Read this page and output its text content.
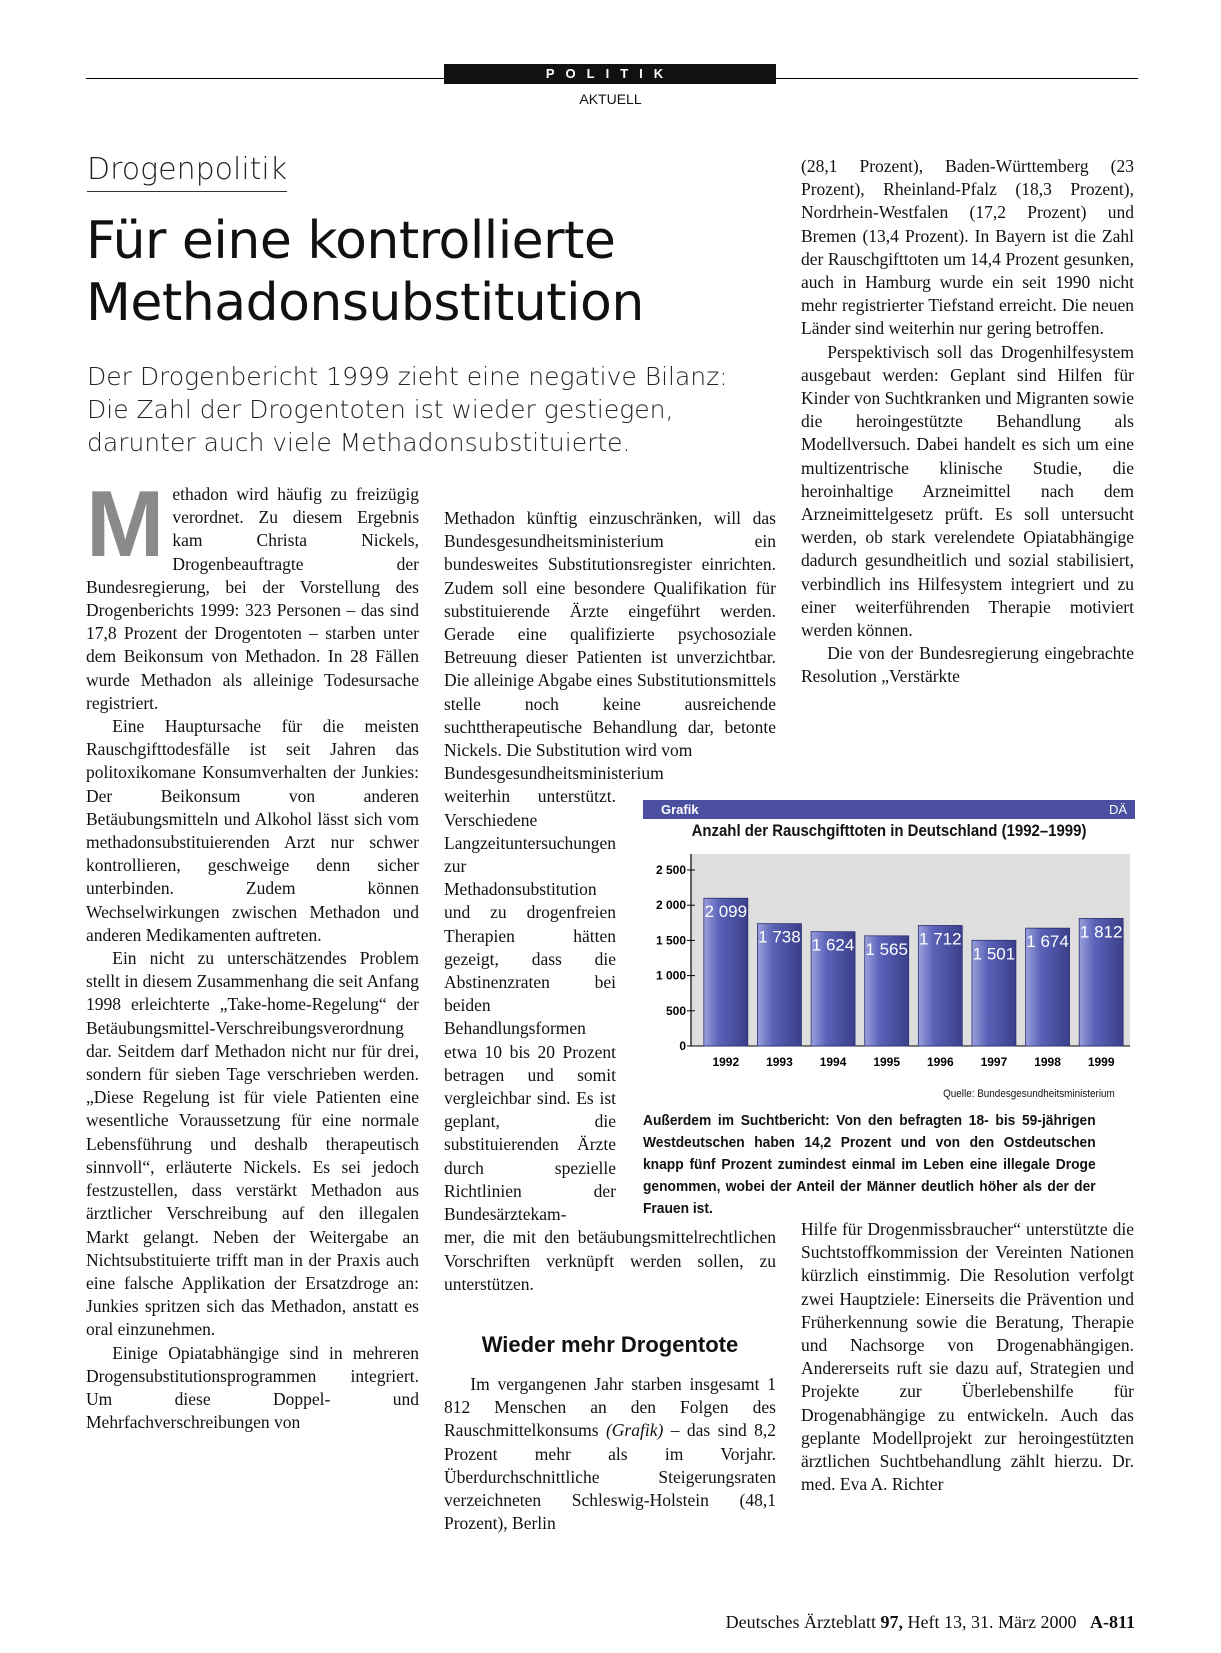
POLITIK
AKTUELL
Drogenpolitik
Für eine kontrollierte
Methadonsubstitution

Der Drogenbericht 1999 zieht eine negative Bilanz: Die Zahl der Drogentoten ist wieder gestiegen, darunter auch viele Methadonsubstituierte.

Methadon wird häufig zu freizügig verordnet. Zu diesem Ergebnis kam Christa Nickels, Drogenbeauftragte der Bundesregierung, bei der Vorstellung des Drogenberichts 1999: 323 Personen – das sind 17,8 Prozent der Drogentoten – starben unter dem Beikonsum von Methadon. In 28 Fällen wurde Methadon als alleinige Todesursache registriert.

Eine Hauptursache für die meisten Rauschgifttodesfälle ist seit Jahren das politoxikomane Konsumverhalten der Junkies: Der Beikonsum von anderen Betäubungsmitteln und Alkohol lässt sich vom methadonsubstituierenden Arzt nur schwer kontrollieren, geschweige denn sicher unterbinden. Zudem können Wechselwirkungen zwischen Methadon und anderen Medikamenten auftreten.

Ein nicht zu unterschätzendes Problem stellt in diesem Zusammenhang die seit Anfang 1998 erleichterte „Take-home-Regelung“ der Betäubungsmittel-Verschreibungsverordnung dar. Seitdem darf Methadon nicht nur für drei, sondern für sieben Tage verschrieben werden. „Diese Regelung ist für viele Patienten eine wesentliche Voraussetzung für eine normale Lebensführung und deshalb therapeutisch sinnvoll“, erläuterte Nickels. Es sei jedoch festzustellen, dass verstärkt Methadon aus ärztlicher Verschreibung auf den illegalen Markt gelangt. Neben der Weitergabe an Nichtsubstituierte trifft man in der Praxis auch eine falsche Applikation der Ersatzdroge an: Junkies spritzen sich das Methadon, anstatt es oral einzunehmen.

Einige Opiatabhängige sind in mehreren Drogensubstitutionsprogrammen integriert. Um diese Doppel- und Mehrfachverschreibungen von

Methadon künftig einzuschränken, will das Bundesgesundheitsministerium ein bundesweites Substitutionsregister einrichten. Zudem soll eine besondere Qualifikation für substituierende Ärzte eingeführt werden. Gerade eine qualifizierte psychosoziale Betreuung dieser Patienten ist unverzichtbar. Die alleinige Abgabe eines Substitutionsmittels stelle noch keine ausreichende suchttherapeutische Behandlung dar, betonte Nickels. Die Substitution wird vom

Bundesgesundheitsministerium weiterhin unterstützt. Verschiedene Langzeituntersuchungen zur Methadonsubstitution und zu drogenfreien Therapien hätten gezeigt, dass die Abstinenzraten bei beiden Behandlungsformen etwa 10 bis 20 Prozent betragen und somit vergleichbar sind. Es ist geplant, die substituierenden Ärzte durch spezielle Richtlinien der Bundesärztekam-

mer, die mit den betäubungsmittelrechtlichen Vorschriften verknüpft werden sollen, zu unterstützen.

Wieder mehr Drogentote

Im vergangenen Jahr starben insgesamt 1 812 Menschen an den Folgen des Rauschmittelkonsums (Grafik) – das sind 8,2 Prozent mehr als im Vorjahr. Überdurchschnittliche Steigerungsraten verzeichneten Schleswig-Holstein (48,1 Prozent), Berlin

(28,1 Prozent), Baden-Württemberg (23 Prozent), Rheinland-Pfalz (18,3 Prozent), Nordrhein-Westfalen (17,2 Prozent) und Bremen (13,4 Prozent). In Bayern ist die Zahl der Rauschgifttoten um 14,4 Prozent gesunken, auch in Hamburg wurde ein seit 1990 nicht mehr registrierter Tiefstand erreicht. Die neuen Länder sind weiterhin nur gering betroffen.

Perspektivisch soll das Drogenhilfesystem ausgebaut werden: Geplant sind Hilfen für Kinder von Suchtkranken und Migranten sowie die heroingestützte Behandlung als Modellversuch. Dabei handelt es sich um eine multizentrische klinische Studie, die heroinhaltige Arzneimittel nach dem Arzneimittelgesetz prüft. Es soll untersucht werden, ob stark verelendete Opiatabhängige dadurch gesundheitlich und sozial stabilisiert, verbindlich ins Hilfesystem integriert und zu einer weiterführenden Therapie motiviert werden können.

Die von der Bundesregierung eingebrachte Resolution „Verstärkte

Hilfe für Drogenmissbraucher“ unterstützte die Suchtstoffkommission der Vereinten Nationen kürzlich einstimmig. Die Resolution verfolgt zwei Hauptziele: Einerseits die Prävention und Früherkennung sowie die Beratung, Therapie und Nachsorge von Drogenabhängigen. Andererseits ruft sie dazu auf, Strategien und Projekte zur Überlebenshilfe für Drogenabhängige zu entwickeln. Auch das geplante Modellprojekt zur heroingestützten ärztlichen Suchtbehandlung zählt hierzu. Dr. med. Eva A. Richter

Grafik	DÄ
Anzahl der Rauschgifttoten in Deutschland (1992–1999)
0
500
1 000
1 500
2 000
2 500
2 099
1992
1 738
1993
1 624
1994
1 565
1995
1 712
1996
1 501
1997
1 674
1998
1 812
1999
Quelle: Bundesgesundheitsministerium

Außerdem im Suchtbericht: Von den befragten 18- bis 59-jährigen Westdeutschen haben 14,2 Prozent und von den Ostdeutschen knapp fünf Prozent zumindest einmal im Leben eine illegale Droge genommen, wobei der Anteil der Männer deutlich höher als der der Frauen ist.

Deutsches Ärzteblatt 97, Heft 13, 31. März 2000 A-811
